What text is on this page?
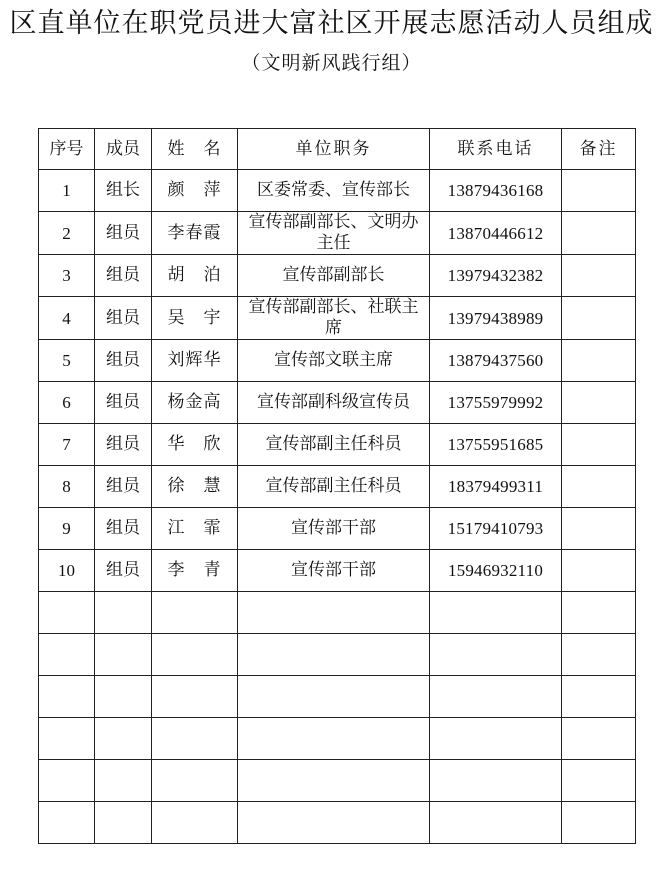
区直单位在职党员进大富社区开展志愿活动人员组成
（文明新风践行组）
序号	成员	姓　名	单位职务	联系电话	备注
1	组长	颜　萍	区委常委、宣传部长	13879436168	
2	组员	李春霞	宣传部副部长、文明办主任	13870446612	
3	组员	胡　泊	宣传部副部长	13979432382	
4	组员	吴　宇	宣传部副部长、社联主席	13979438989	
5	组员	刘辉华	宣传部文联主席	13879437560	
6	组员	杨金高	宣传部副科级宣传员	13755979992	
7	组员	华　欣	宣传部副主任科员	13755951685	
8	组员	徐　慧	宣传部副主任科员	18379499311	
9	组员	江　霏	宣传部干部	15179410793	
10	组员	李　青	宣传部干部	15946932110	
